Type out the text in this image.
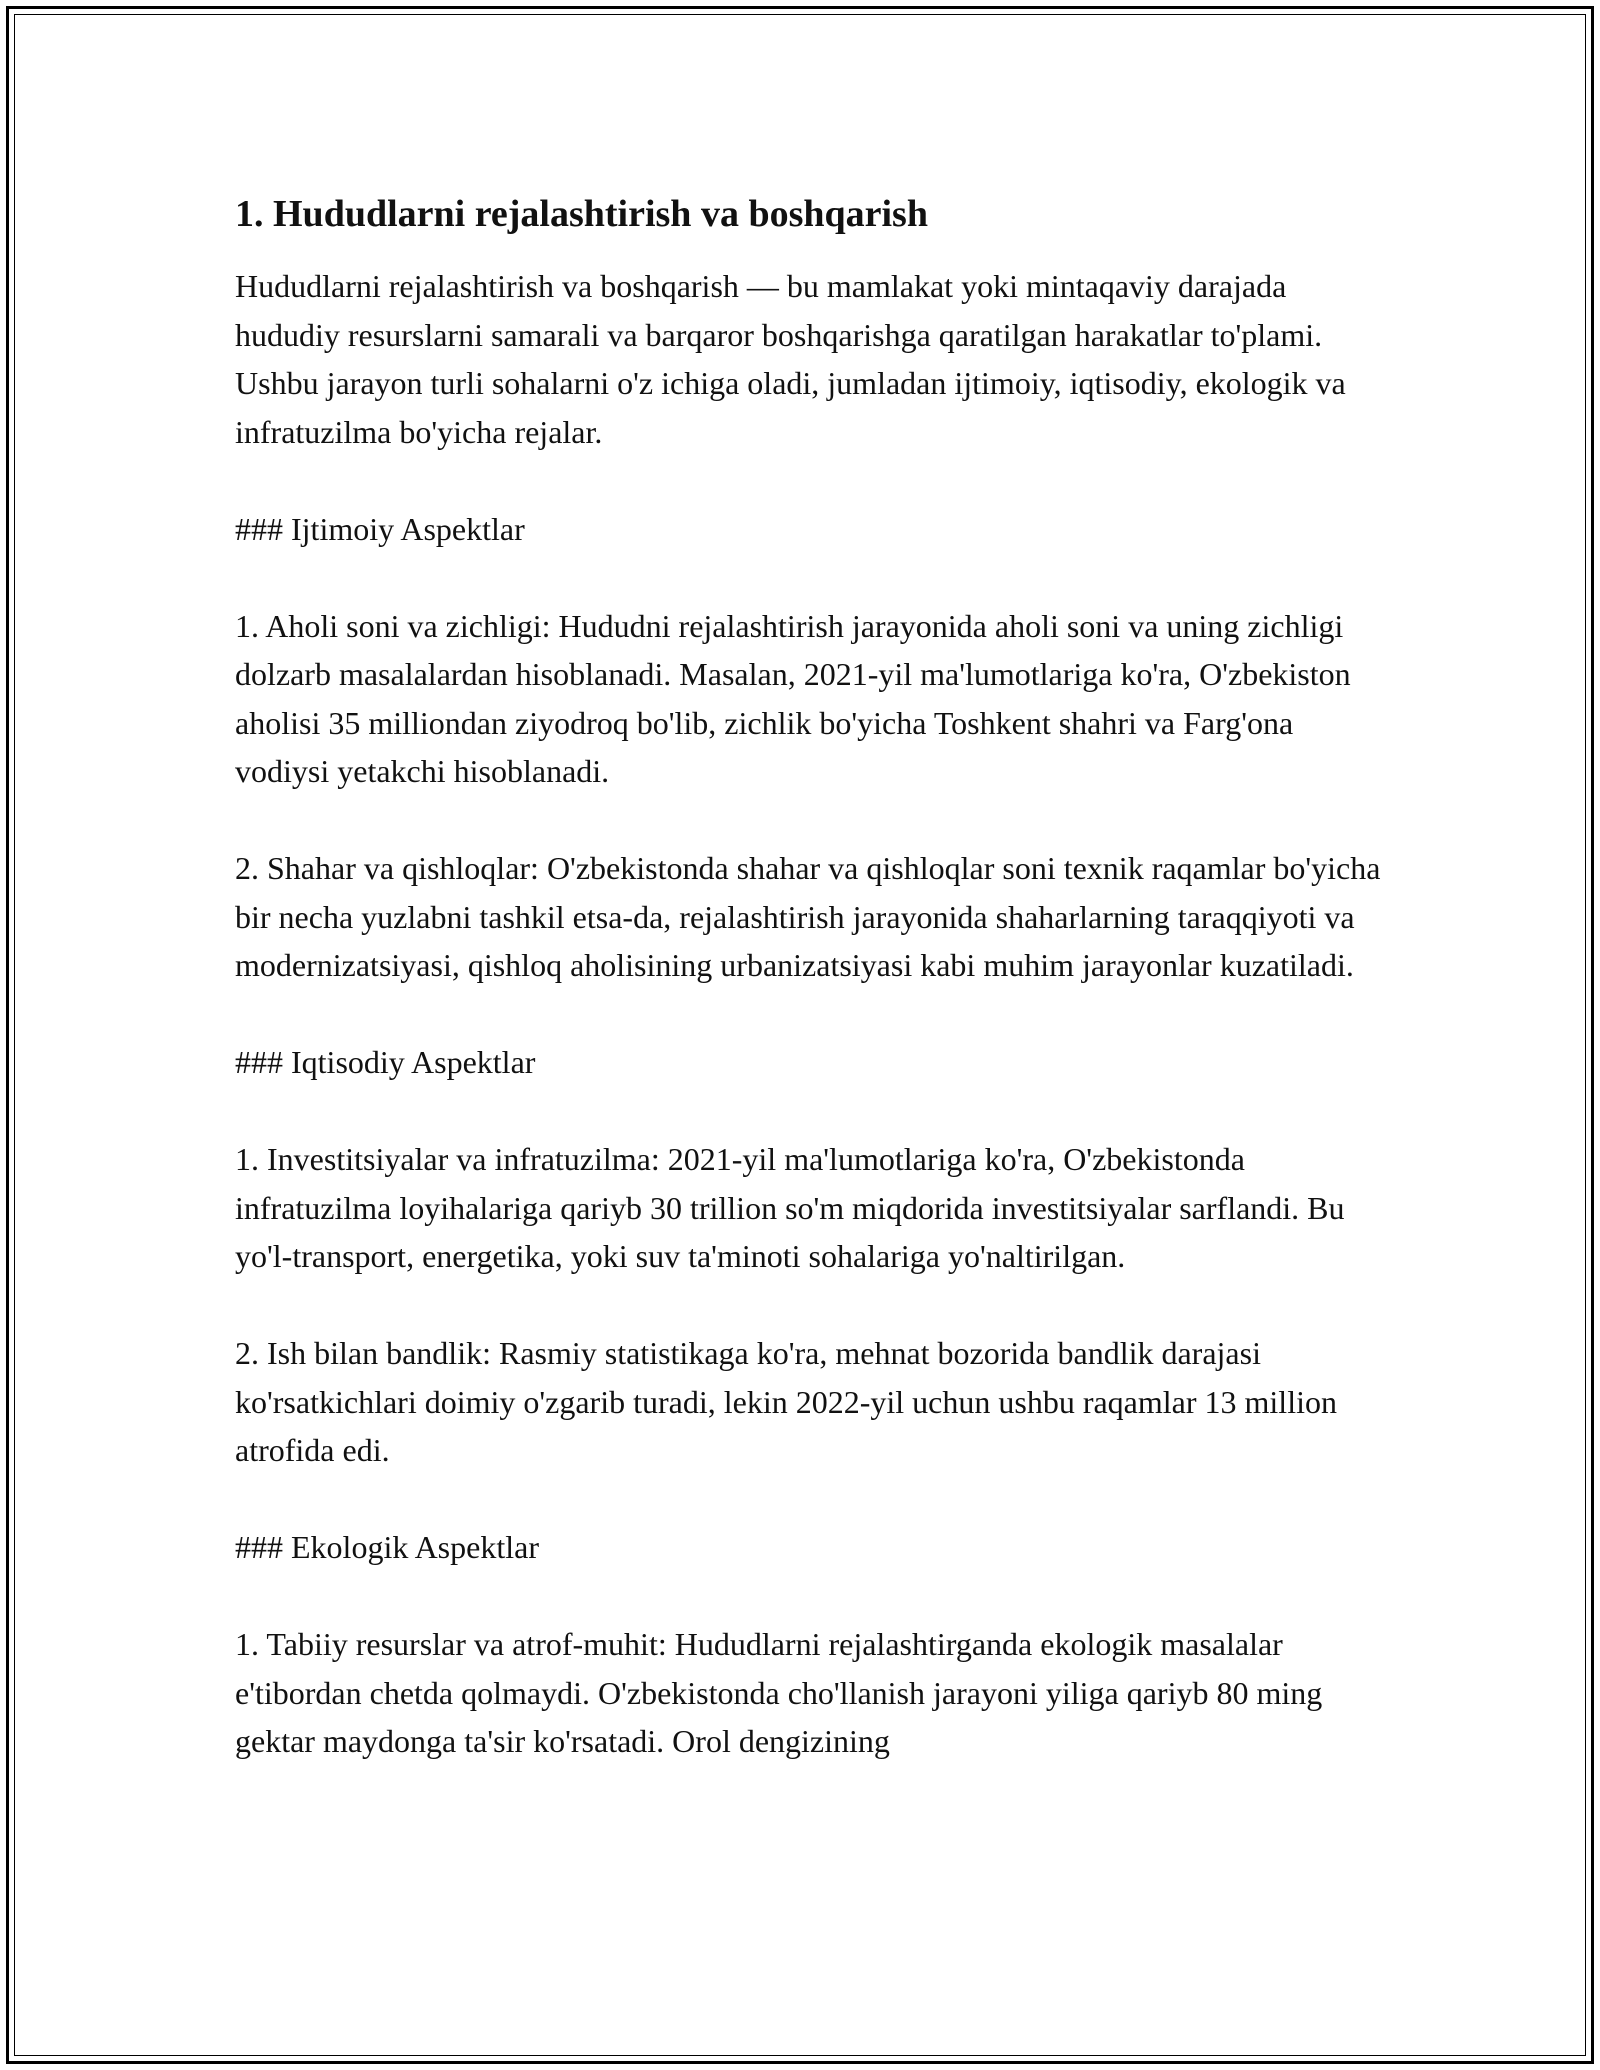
1. Hududlarni rejalashtirish va boshqarish

Hududlarni rejalashtirish va boshqarish — bu mamlakat yoki mintaqaviy darajada hududiy resurslarni samarali va barqaror boshqarishga qaratilgan harakatlar to'plami. Ushbu jarayon turli sohalarni o'z ichiga oladi, jumladan ijtimoiy, iqtisodiy, ekologik va infratuzilma bo'yicha rejalar.

### Ijtimoiy Aspektlar

1. Aholi soni va zichligi: Hududni rejalashtirish jarayonida aholi soni va uning zichligi dolzarb masalalardan hisoblanadi. Masalan, 2021-yil ma'lumotlariga ko'ra, O'zbekiston aholisi 35 milliondan ziyodroq bo'lib, zichlik bo'yicha Toshkent shahri va Farg'ona vodiysi yetakchi hisoblanadi.

2. Shahar va qishloqlar: O'zbekistonda shahar va qishloqlar soni texnik raqamlar bo'yicha bir necha yuzlabni tashkil etsa-da, rejalashtirish jarayonida shaharlarning taraqqiyoti va modernizatsiyasi, qishloq aholisining urbanizatsiyasi kabi muhim jarayonlar kuzatiladi.

### Iqtisodiy Aspektlar

1. Investitsiyalar va infratuzilma: 2021-yil ma'lumotlariga ko'ra, O'zbekistonda infratuzilma loyihalariga qariyb 30 trillion so'm miqdorida investitsiyalar sarflandi. Bu yo'l-transport, energetika, yoki suv ta'minoti sohalariga yo'naltirilgan.

2. Ish bilan bandlik: Rasmiy statistikaga ko'ra, mehnat bozorida bandlik darajasi ko'rsatkichlari doimiy o'zgarib turadi, lekin 2022-yil uchun ushbu raqamlar 13 million atrofida edi.

### Ekologik Aspektlar

1. Tabiiy resurslar va atrof-muhit: Hududlarni rejalashtirganda ekologik masalalar e'tibordan chetda qolmaydi. O'zbekistonda cho'llanish jarayoni yiliga qariyb 80 ming gektar maydonga ta'sir ko'rsatadi. Orol dengizining
